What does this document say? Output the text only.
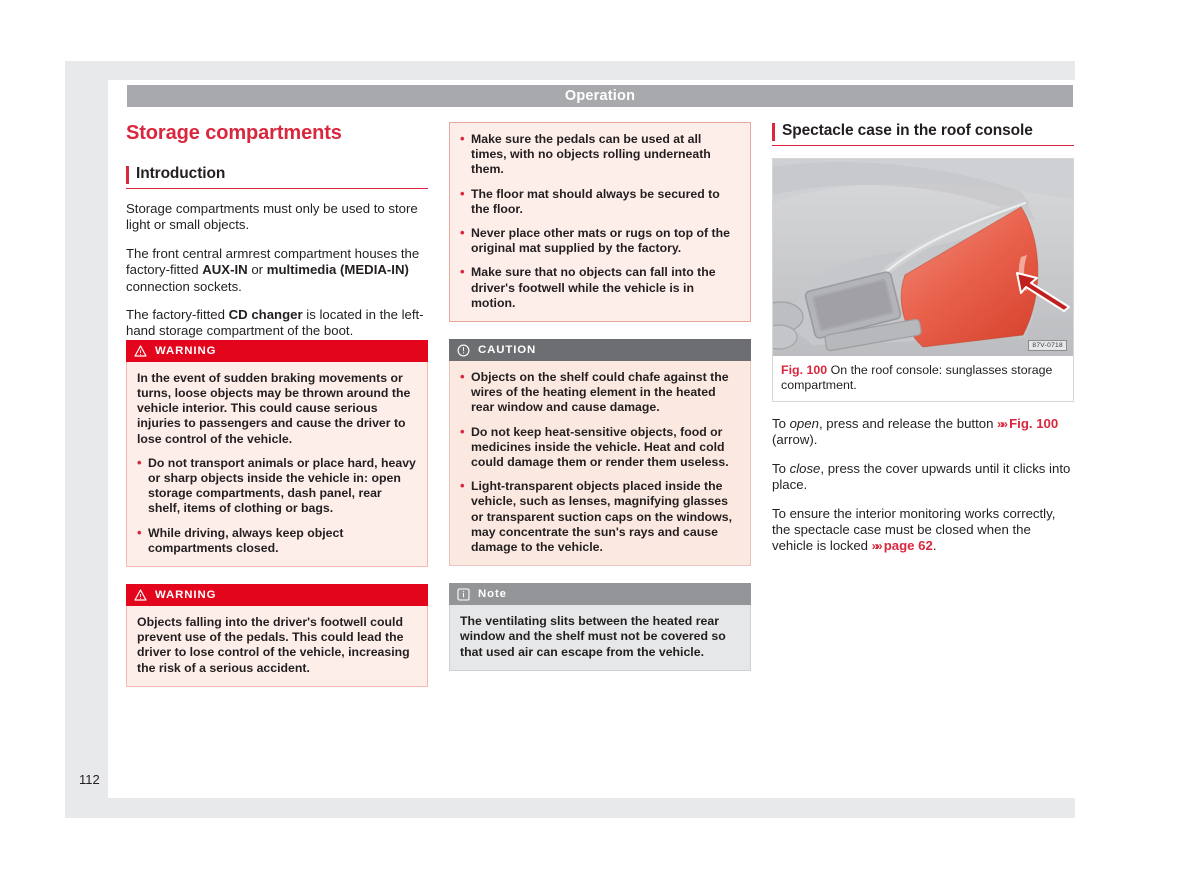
Operation
112
Storage compartments
Introduction

Storage compartments must only be used to store light or small objects.

The front central armrest compartment houses the factory-fitted AUX-IN or multimedia (MEDIA-IN) connection sockets.

The factory-fitted CD changer is located in the left-hand storage compartment of the boot.

WARNING

In the event of sudden braking movements or turns, loose objects may be thrown around the vehicle interior. This could cause serious injuries to passengers and cause the driver to lose control of the vehicle.

• Do not transport animals or place hard, heavy or sharp objects inside the vehicle in: open storage compartments, dash panel, rear shelf, items of clothing or bags.

• While driving, always keep object compartments closed.

WARNING

Objects falling into the driver's footwell could prevent use of the pedals. This could lead the driver to lose control of the vehicle, increasing the risk of a serious accident.

• Make sure the pedals can be used at all times, with no objects rolling underneath them.

• The floor mat should always be secured to the floor.

• Never place other mats or rugs on top of the original mat supplied by the factory.

• Make sure that no objects can fall into the driver's footwell while the vehicle is in motion.

CAUTION

• Objects on the shelf could chafe against the wires of the heating element in the heated rear window and cause damage.

• Do not keep heat-sensitive objects, food or medicines inside the vehicle. Heat and cold could damage them or render them useless.

• Light-transparent objects placed inside the vehicle, such as lenses, magnifying glasses or transparent suction caps on the windows, may concentrate the sun's rays and cause damage to the vehicle.

Note

The ventilating slits between the heated rear window and the shelf must not be covered so that used air can escape from the vehicle.

Spectacle case in the roof console
87V-0718
Fig. 100 On the roof console: sunglasses storage compartment.

To open, press and release the button »» Fig. 100 (arrow).

To close, press the cover upwards until it clicks into place.

To ensure the interior monitoring works correctly, the spectacle case must be closed when the vehicle is locked »» page 62.
